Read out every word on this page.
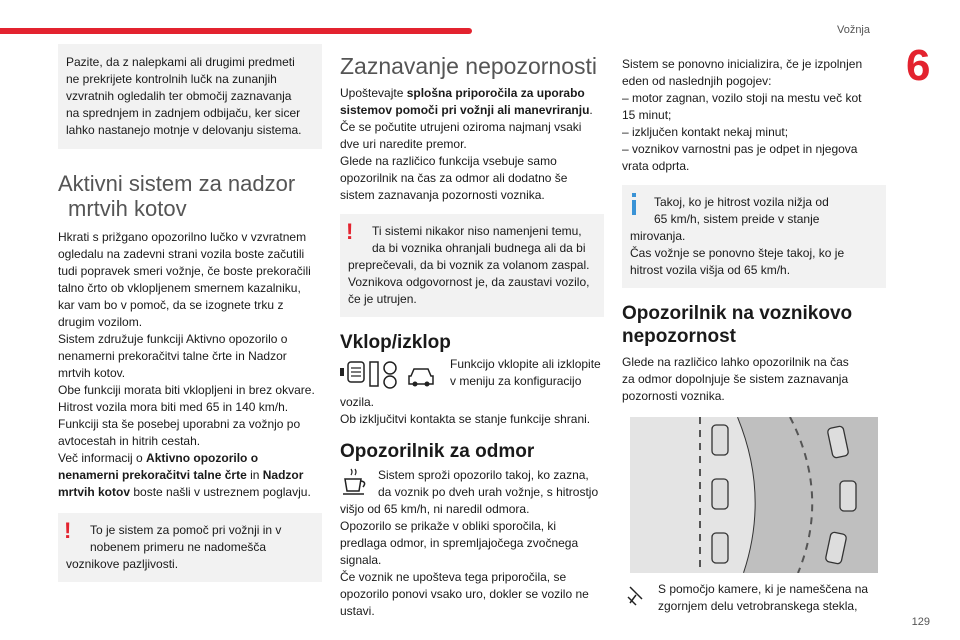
Vožnja
6
129
Pazite, da z nalepkami ali drugimi predmeti
ne prekrijete kontrolnih lučk na zunanjih
vzvratnih ogledalih ter območij zaznavanja
na sprednjem in zadnjem odbijaču, ker sicer
lahko nastanejo motnje v delovanju sistema.
Aktivni sistem za nadzor
mrtvih kotov
Hkrati s prižgano opozorilno lučko v vzvratnem
ogledalu na zadevni strani vozila boste začutili
tudi popravek smeri vožnje, če boste prekoračili
talno črto ob vklopljenem smernem kazalniku,
kar vam bo v pomoč, da se izognete trku z
drugim vozilom.
Sistem združuje funkciji Aktivno opozorilo o
nenamerni prekoračitvi talne črte in Nadzor
mrtvih kotov.
Obe funkciji morata biti vklopljeni in brez okvare.
Hitrost vozila mora biti med 65 in 140 km/h.
Funkciji sta še posebej uporabni za vožnjo po
avtocestah in hitrih cestah.
Več informacij o Aktivno opozorilo o
nenamerni prekoračitvi talne črte in Nadzor
mrtvih kotov boste našli v ustreznem poglavju.
!	To je sistem za pomoč pri vožnji in v
nobenem primeru ne nadomešča
voznikove pazljivosti.
Zaznavanje nepozornosti
Upoštevajte splošna priporočila za uporabo
sistemov pomoči pri vožnji ali manevriranju.
Če se počutite utrujeni oziroma najmanj vsaki
dve uri naredite premor.
Glede na različico funkcija vsebuje samo
opozorilnik na čas za odmor ali dodatno še
sistem zaznavanja pozornosti voznika.
!	Ti sistemi nikakor niso namenjeni temu,
da bi voznika ohranjali budnega ali da bi
preprečevali, da bi voznik za volanom zaspal.
Voznikova odgovornost je, da zaustavi vozilo,
če je utrujen.
Vklop/izklop
Funkcijo vklopite ali izklopite
v meniju za konfiguracijo
vozila.
Ob izključitvi kontakta se stanje funkcije shrani.
Opozorilnik za odmor
Sistem sproži opozorilo takoj, ko zazna,
da voznik po dveh urah vožnje, s hitrostjo
višjo od 65 km/h, ni naredil odmora.
Opozorilo se prikaže v obliki sporočila, ki
predlaga odmor, in spremljajočega zvočnega
signala.
Če voznik ne upošteva tega priporočila, se
opozorilo ponovi vsako uro, dokler se vozilo ne
ustavi.
Sistem se ponovno inicializira, če je izpolnjen
eden od naslednjih pogojev:
– motor zagnan, vozilo stoji na mestu več kot
15 minut;
– izključen kontakt nekaj minut;
– voznikov varnostni pas je odpet in njegova
vrata odprta.
Takoj, ko je hitrost vozila nižja od
65 km/h, sistem preide v stanje
mirovanja.
Čas vožnje se ponovno šteje takoj, ko je
hitrost vozila višja od 65 km/h.
Opozorilnik na voznikovo
nepozornost
Glede na različico lahko opozorilnik na čas
za odmor dopolnjuje še sistem zaznavanja
pozornosti voznika.
S pomočjo kamere, ki je nameščena na
zgornjem delu vetrobranskega stekla,
